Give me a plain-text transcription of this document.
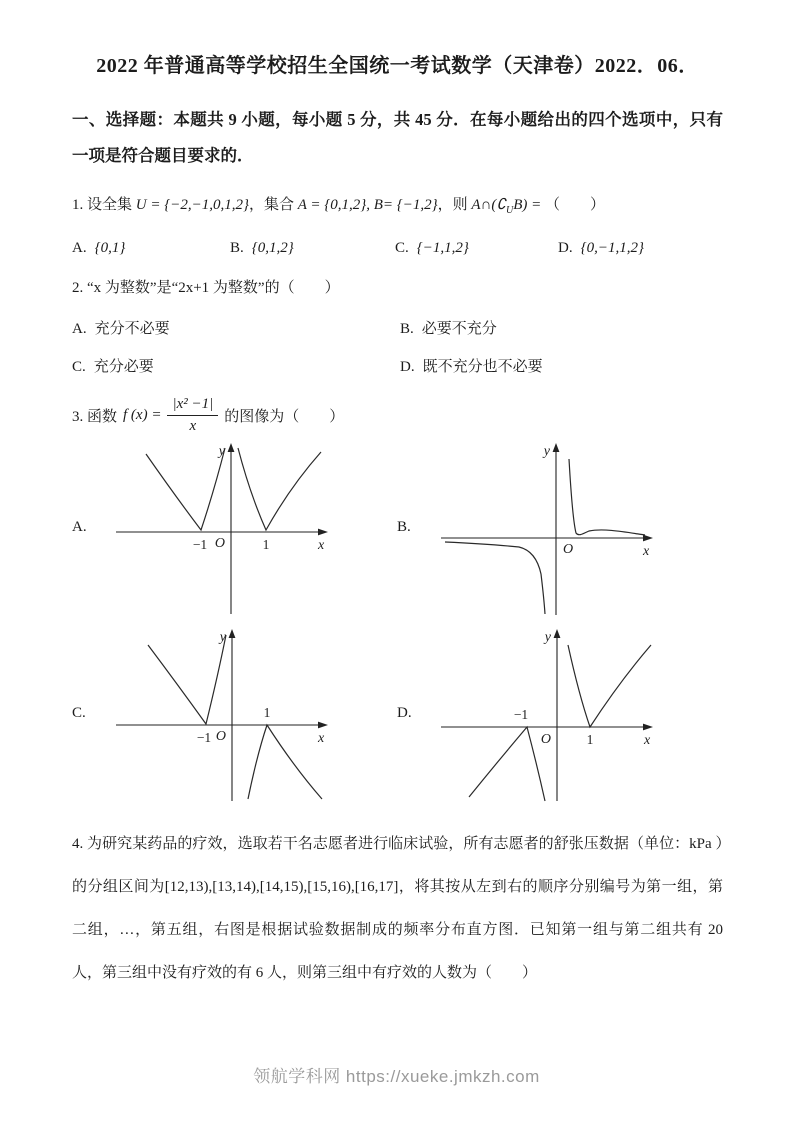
2022 年普通高等学校招生全国统一考试数学（天津卷）2022．06．
一、选择题：本题共 9 小题，每小题 5 分，共 45 分．在每小题给出的四个选项中，只有一项是符合题目要求的．
1. 设全集 U = {−2,−1,0,1,2}，集合 A = {0,1,2}, B= {−1,2}，则 $A\cap(∁_UB)$ = （　　）
A. {0,1}	B. {0,1,2}	C. {−1,1,2}	D. {0,−1,1,2}
2. “x 为整数”是“2x+1 为整数”的（　　）
A. 充分不必要	B. 必要不充分
C. 充分必要	D. 既不充分也不必要
3. 函数 f $(x) = \frac{\text{|x² −1|}}{x}$ 的图像为（　　）
A.
y
x
O
−1	1
B.
y
x
O
C.
y
x
O
−1
1	D.
y
x
O
−1
1
4. 为研究某药品的疗效，选取若干名志愿者进行临床试验，所有志愿者的舒张压数据（单位：kPa ）的分组区间为[12,13),[13,14),[14,15),[15,16),[16,17]，将其按从左到右的顺序分别编号为第一组，第二组，…，第五组，右图是根据试验数据制成的频率分布直方图．已知第一组与第二组共有 20 人，第三组中没有疗效的有 6 人，则第三组中有疗效的人数为（　　）
领航学科网 https://xueke.jmkzh.com
